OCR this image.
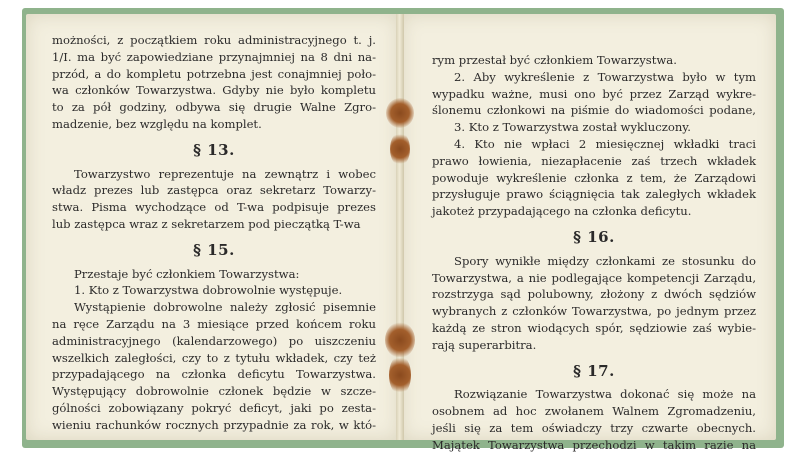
możności, z początkiem roku administracyjnego t. j.
1/I. ma być zapowiedziane przynajmniej na 8 dni na-
przód, a do kompletu potrzebna jest conajmniej poło-
wa członków Towarzystwa. Gdyby nie było kompletu
to za pół godziny, odbywa się drugie Walne Zgro-
madzenie, bez względu na komplet.
§ 13.
Towarzystwo reprezentuje na zewnątrz i wobec
władz prezes lub zastępca oraz sekretarz Towarzy-
stwa. Pisma wychodzące od T-wa podpisuje prezes
lub zastępca wraz z sekretarzem pod pieczątką T-wa
§ 15.
Przestaje być członkiem Towarzystwa:
1. Kto z Towarzystwa dobrowolnie występuje.
Wystąpienie dobrowolne należy zgłosić pisemnie
na ręce Zarządu na 3 miesiące przed końcem roku
administracyjnego (kalendarzowego) po uiszczeniu
wszelkich zaległości, czy to z tytułu wkładek, czy też
przypadającego na członka deficytu Towarzystwa.
Występujący dobrowolnie członek będzie w szcze-
gólności zobowiązany pokryć deficyt, jaki po zesta-
wieniu rachunków rocznych przypadnie za rok, w któ-
rym przestał być członkiem Towarzystwa.
2. Aby wykreślenie z Towarzystwa było w tym
wypadku ważne, musi ono być przez Zarząd wykre-
ślonemu członkowi na piśmie do wiadomości podane,
3. Kto z Towarzystwa został wykluczony.
4. Kto nie wpłaci 2 miesięcznej wkładki traci
prawo łowienia, niezapłacenie zaś trzech wkładek
powoduje wykreślenie członka z tem, że Zarządowi
przysługuje prawo ściągnięcia tak zaległych wkładek
jakoteż przypadającego na członka deficytu.
§ 16.
Spory wynikłe między członkami ze stosunku do
Towarzystwa, a nie podlegające kompetencji Zarządu,
rozstrzyga sąd polubowny, złożony z dwóch sędziów
wybranych z członków Towarzystwa, po jednym przez
każdą ze stron wiodących spór, sędziowie zaś wybie-
rają superarbitra.
§ 17.
Rozwiązanie Towarzystwa dokonać się może na
osobnem ad hoc zwołanem Walnem Zgromadzeniu,
jeśli się za tem oświadczy trzy czwarte obecnych.
Majątek Towarzystwa przechodzi w takim razie na
